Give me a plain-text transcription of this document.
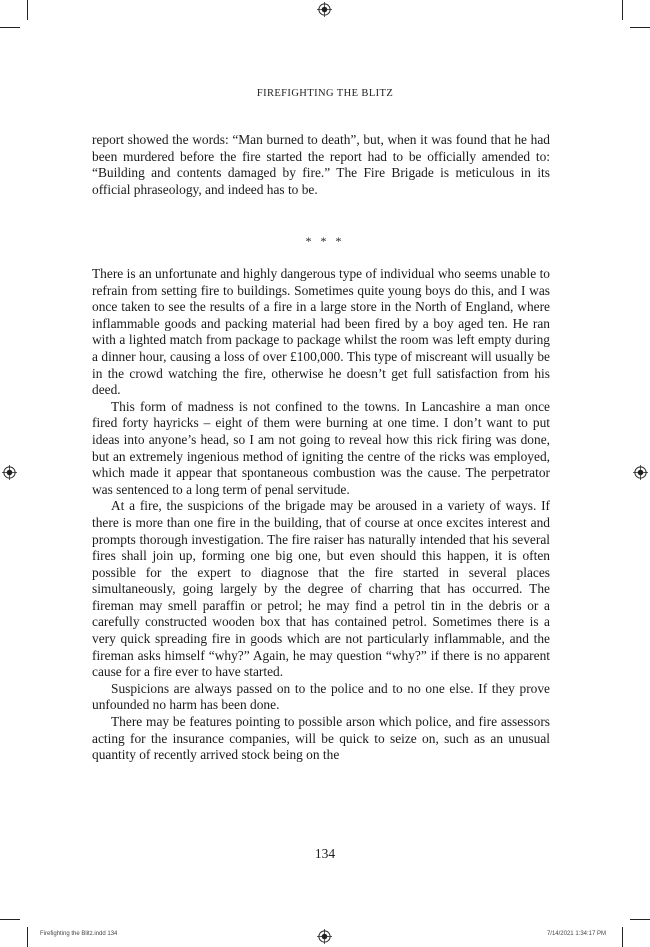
FIREFIGHTING THE BLITZ

report showed the words: “Man burned to death”, but, when it was found that he had been murdered before the fire started the report had to be officially amended to: “Building and contents damaged by fire.” The Fire Brigade is meticulous in its official phraseology, and indeed has to be.

* * *

There is an unfortunate and highly dangerous type of individual who seems unable to refrain from setting fire to buildings. Sometimes quite young boys do this, and I was once taken to see the results of a fire in a large store in the North of England, where inflammable goods and packing material had been fired by a boy aged ten. He ran with a lighted match from package to package whilst the room was left empty during a dinner hour, causing a loss of over £100,000. This type of miscreant will usually be in the crowd watching the fire, otherwise he doesn’t get full satisfaction from his deed.

This form of madness is not confined to the towns. In Lancashire a man once fired forty hayricks – eight of them were burning at one time. I don’t want to put ideas into anyone’s head, so I am not going to reveal how this rick firing was done, but an extremely ingenious method of igniting the centre of the ricks was employed, which made it appear that spontaneous combustion was the cause. The perpetrator was sentenced to a long term of penal servitude.

At a fire, the suspicions of the brigade may be aroused in a variety of ways. If there is more than one fire in the building, that of course at once excites interest and prompts thorough investigation. The fire raiser has naturally intended that his several fires shall join up, forming one big one, but even should this happen, it is often possible for the expert to diagnose that the fire started in several places simultaneously, going largely by the degree of charring that has occurred. The fireman may smell paraffin or petrol; he may find a petrol tin in the debris or a carefully constructed wooden box that has contained petrol. Sometimes there is a very quick spreading fire in goods which are not particularly inflammable, and the fireman asks himself “why?” Again, he may question “why?” if there is no apparent cause for a fire ever to have started.

Suspicions are always passed on to the police and to no one else. If they prove unfounded no harm has been done.

There may be features pointing to possible arson which police, and fire assessors acting for the insurance companies, will be quick to seize on, such as an unusual quantity of recently arrived stock being on the

134
Firefighting the Blitz.indd 134	7/14/2021 1:34:17 PM
